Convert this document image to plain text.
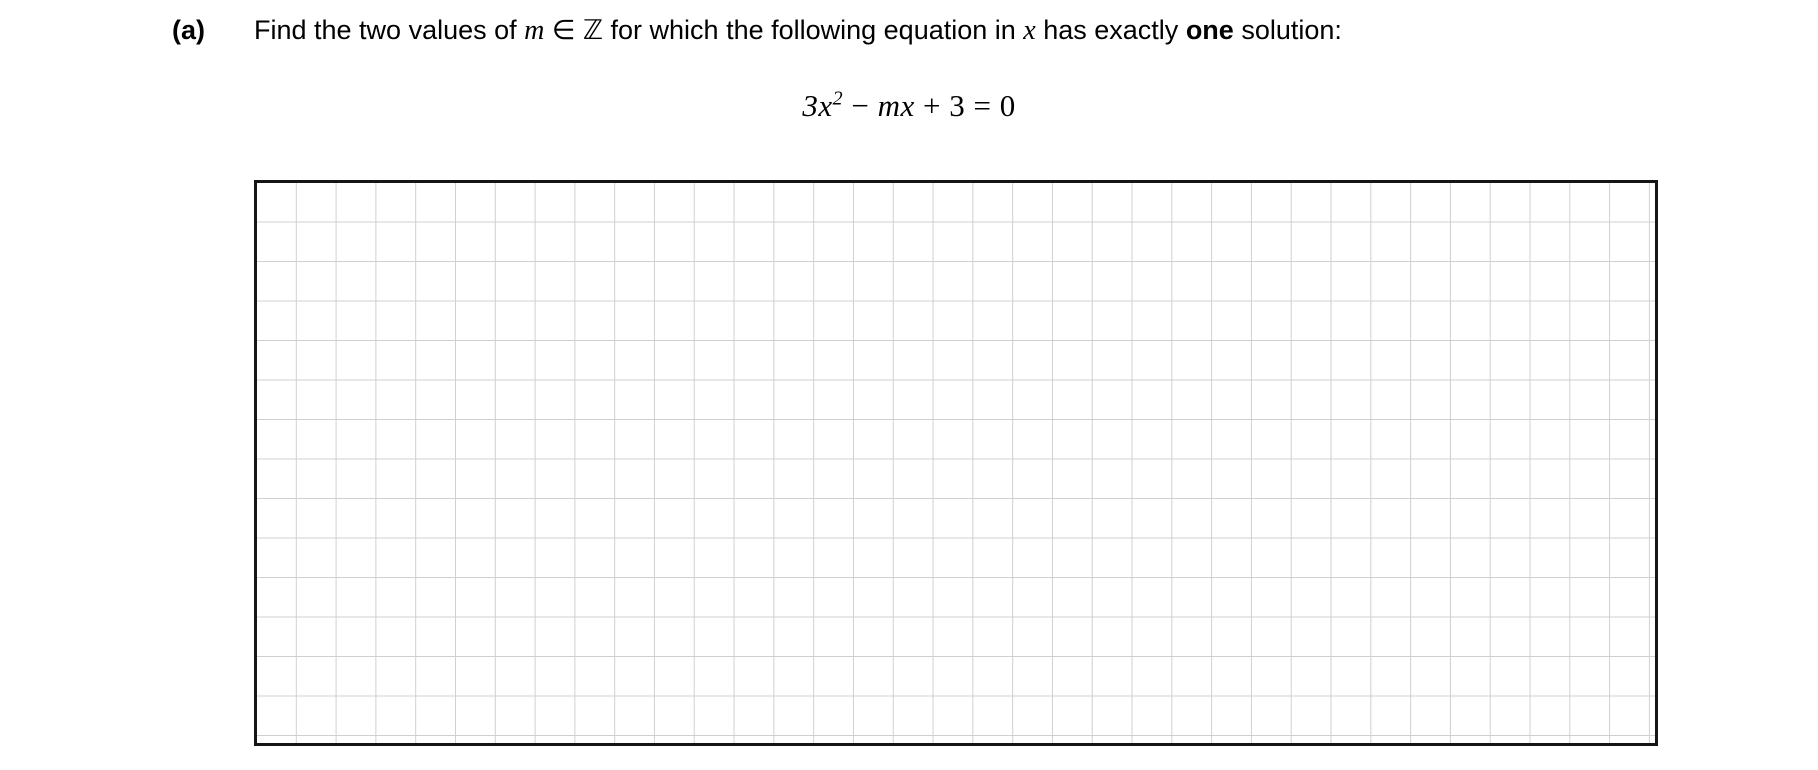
(a)	Find the two values of m ∈ ℤ for which the following equation in x has exactly one solution:
$3x^2$ − mx + 3 = 0
